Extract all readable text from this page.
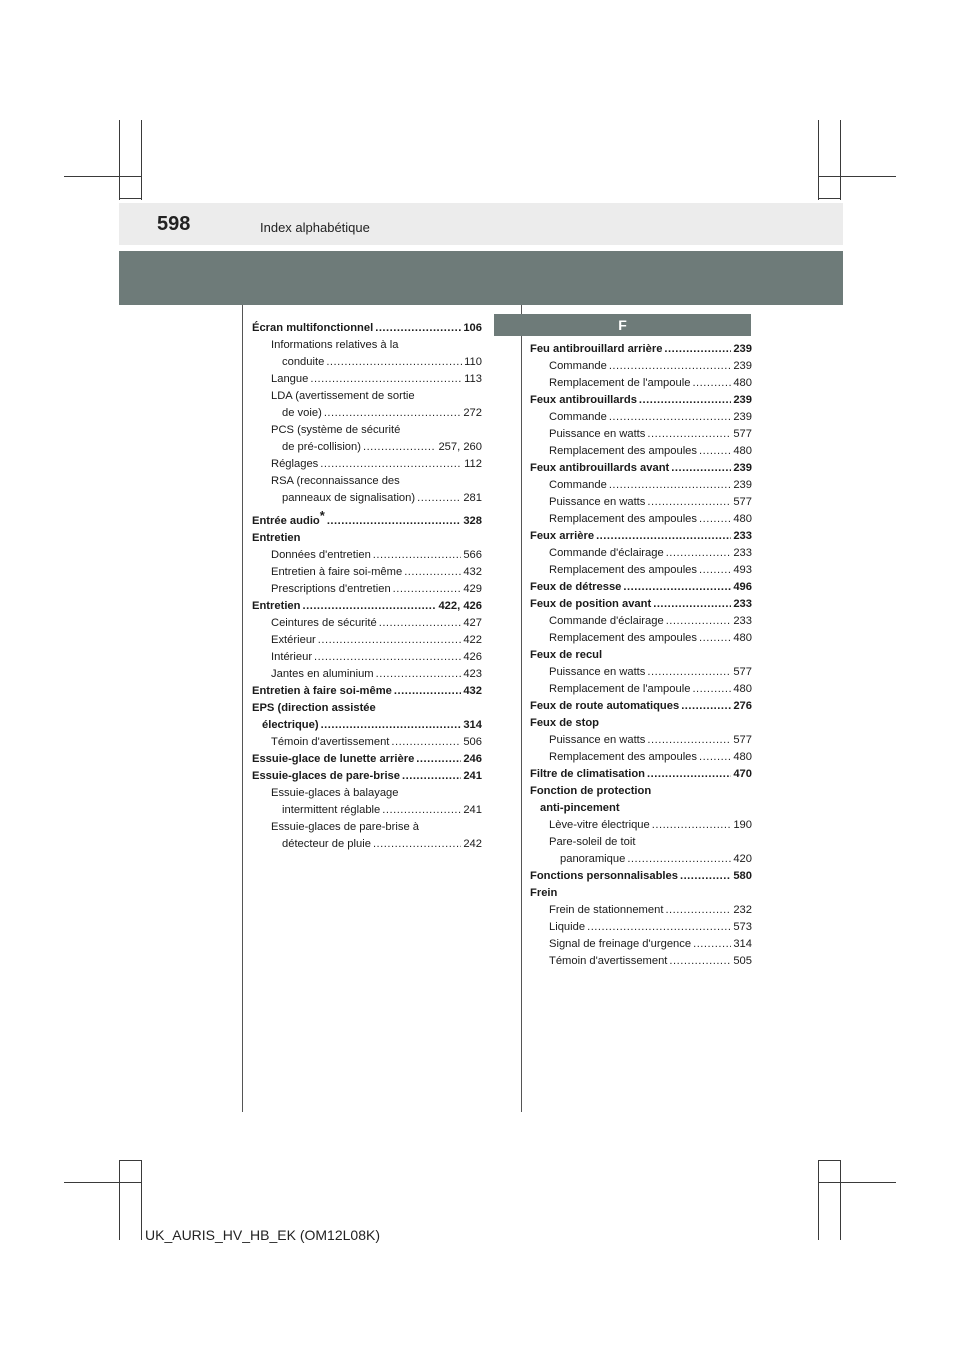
598	Index alphabétique
F
Écran multifonctionnel .....	106
Informations relatives à la
conduite .....	110
Langue .....	113
LDA (avertissement de sortie
de voie) .....	272
PCS (système de sécurité
de pré-collision) .....	257, 260
Réglages .....	112
RSA (reconnaissance des
panneaux de signalisation) .....	281
Entrée audio* .....	328
Entretien
Données d'entretien .....	566
Entretien à faire soi-même .....	432
Prescriptions d'entretien .....	429
Entretien .....	422, 426
Ceintures de sécurité .....	427
Extérieur .....	422
Intérieur .....	426
Jantes en aluminium .....	423
Entretien à faire soi-même .....	432
EPS (direction assistée
électrique) .....	314
Témoin d'avertissement .....	506
Essuie-glace de lunette arrière .....	246
Essuie-glaces de pare-brise .....	241
Essuie-glaces à balayage
intermittent réglable .....	241
Essuie-glaces de pare-brise à
détecteur de pluie .....	242
Feu antibrouillard arrière .....	239
Commande .....	239
Remplacement de l'ampoule .....	480
Feux antibrouillards .....	239
Commande .....	239
Puissance en watts .....	577
Remplacement des ampoules .....	480
Feux antibrouillards avant .....	239
Commande .....	239
Puissance en watts .....	577
Remplacement des ampoules .....	480
Feux arrière .....	233
Commande d'éclairage .....	233
Remplacement des ampoules .....	493
Feux de détresse .....	496
Feux de position avant .....	233
Commande d'éclairage .....	233
Remplacement des ampoules .....	480
Feux de recul
Puissance en watts .....	577
Remplacement de l'ampoule .....	480
Feux de route automatiques .....	276
Feux de stop
Puissance en watts .....	577
Remplacement des ampoules .....	480
Filtre de climatisation .....	470
Fonction de protection
anti-pincement
Lève-vitre électrique .....	190
Pare-soleil de toit
panoramique .....	420
Fonctions personnalisables .....	580
Frein
Frein de stationnement .....	232
Liquide .....	573
Signal de freinage d'urgence .....	314
Témoin d'avertissement .....	505
UK_AURIS_HV_HB_EK (OM12L08K)
